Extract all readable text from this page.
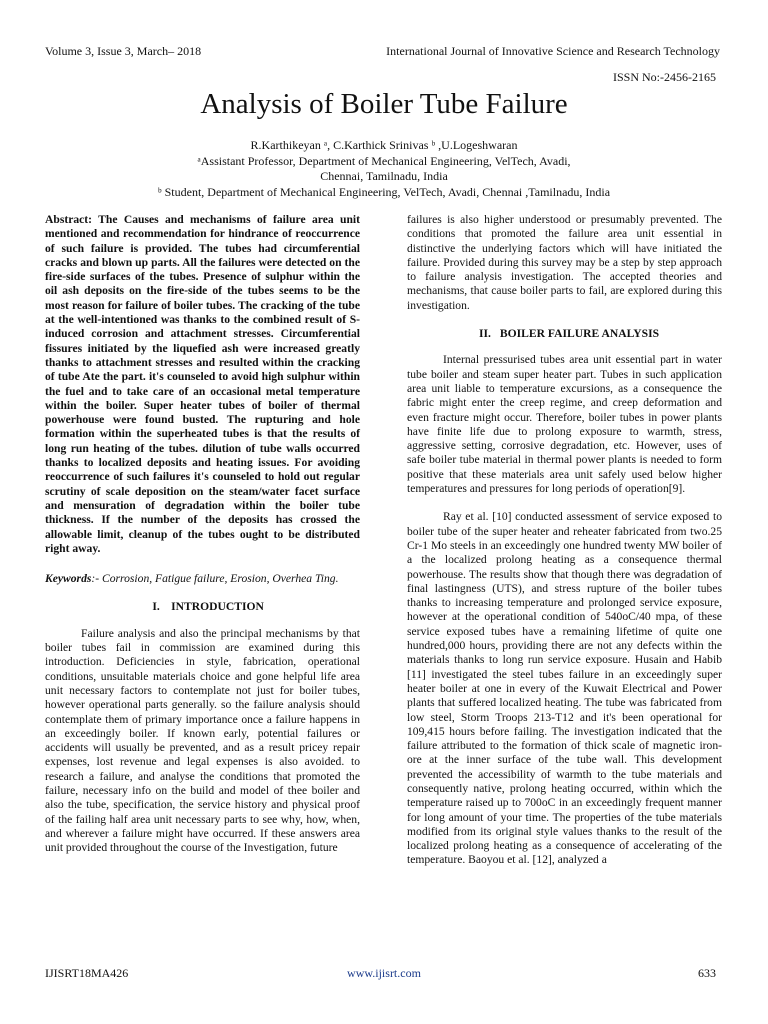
Volume 3, Issue 3, March– 2018	International Journal of Innovative Science and Research Technology
ISSN No:-2456-2165
Analysis of Boiler Tube Failure
R.Karthikeyan ᵃ, C.Karthick Srinivas ᵇ ,U.Logeshwaran
ᵃAssistant Professor, Department of Mechanical Engineering, VelTech, Avadi,
Chennai, Tamilnadu, India
ᵇ Student, Department of Mechanical Engineering, VelTech, Avadi, Chennai ,Tamilnadu, India

Abstract: The Causes and mechanisms of failure area unit mentioned and recommendation for hindrance of reoccurrence of such failure is provided. The tubes had circumferential cracks and blown up parts. All the failures were detected on the fire-side surfaces of the tubes. Presence of sulphur within the oil ash deposits on the fire-side of the tubes seems to be the most reason for failure of boiler tubes. The cracking of the tube at the well-intentioned was thanks to the combined result of S-induced corrosion and attachment stresses. Circumferential fissures initiated by the liquefied ash were increased greatly thanks to attachment stresses and resulted within the cracking of tube Ate the part. it's counseled to avoid high sulphur within the fuel and to take care of an occasional metal temperature within the boiler. Super heater tubes of boiler of thermal powerhouse were found busted. The rupturing and hole formation within the superheated tubes is that the results of long run heating of the tubes. dilution of tube walls occurred thanks to localized deposits and heating issues. For avoiding reoccurrence of such failures it's counseled to hold out regular scrutiny of scale deposition on the steam/water facet surface and mensuration of degradation within the boiler tube thickness. If the number of the deposits has crossed the allowable limit, cleanup of the tubes ought to be distributed right away.

Keywords:- Corrosion, Fatigue failure, Erosion, Overhea Ting.

I. INTRODUCTION

Failure analysis and also the principal mechanisms by that boiler tubes fail in commission are examined during this introduction. Deficiencies in style, fabrication, operational conditions, unsuitable materials choice and gone helpful life area unit necessary factors to contemplate not just for boiler tubes, however operational parts generally. so the failure analysis should contemplate them of primary importance once a failure happens in an exceedingly boiler. If known early, potential failures or accidents will usually be prevented, and as a result pricey repair expenses, lost revenue and legal expenses is also avoided. to research a failure, and analyse the conditions that promoted the failure, necessary info on the build and model of thee boiler and also the tube, specification, the service history and physical proof of the failing half area unit necessary parts to see why, how, when, and wherever a failure might have occurred. If these answers area unit provided throughout the course of the Investigation, future

failures is also higher understood or presumably prevented. The conditions that promoted the failure area unit essential in distinctive the underlying factors which will have initiated the failure. Provided during this survey may be a step by step approach to failure analysis investigation. The accepted theories and mechanisms, that cause boiler parts to fail, are explored during this investigation.

II. BOILER FAILURE ANALYSIS

Internal pressurised tubes area unit essential part in water tube boiler and steam super heater part. Tubes in such application area unit liable to temperature excursions, as a consequence the fabric might enter the creep regime, and creep deformation and even fracture might occur. Therefore, boiler tubes in power plants have finite life due to prolong exposure to warmth, stress, aggressive setting, corrosive degradation, etc. However, uses of safe boiler tube material in thermal power plants is needed to form positive that these materials area unit safely used below higher temperatures and pressures for long periods of operation[9].

Ray et al. [10] conducted assessment of service exposed to boiler tube of the super heater and reheater fabricated from two.25 Cr-1 Mo steels in an exceedingly one hundred twenty MW boiler of a the localized prolong heating as a consequence thermal powerhouse. The results show that though there was degradation of final lastingness (UTS), and stress rupture of the boiler tubes thanks to increasing temperature and prolonged service exposure, however at the operational condition of 540oC/40 mpa, of these service exposed tubes have a remaining lifetime of quite one hundred,000 hours, providing there are not any defects within the materials thanks to long run service exposure. Husain and Habib [11] investigated the steel tubes failure in an exceedingly super heater boiler at one in every of the Kuwait Electrical and Power plants that suffered localized heating. The tube was fabricated from low steel, Storm Troops 213-T12 and it's been operational for 109,415 hours before failing. The investigation indicated that the failure attributed to the formation of thick scale of magnetic iron-ore at the inner surface of the tube wall. This development prevented the accessibility of warmth to the tube materials and consequently native, prolong heating occurred, within which the temperature raised up to 700oC in an exceedingly frequent manner for long amount of your time. The properties of the tube materials modified from its original style values thanks to the result of the localized prolong heating as a consequence of accelerating of the temperature. Baoyou et al. [12], analyzed a

IJISRT18MA426	www.ijisrt.com	633
